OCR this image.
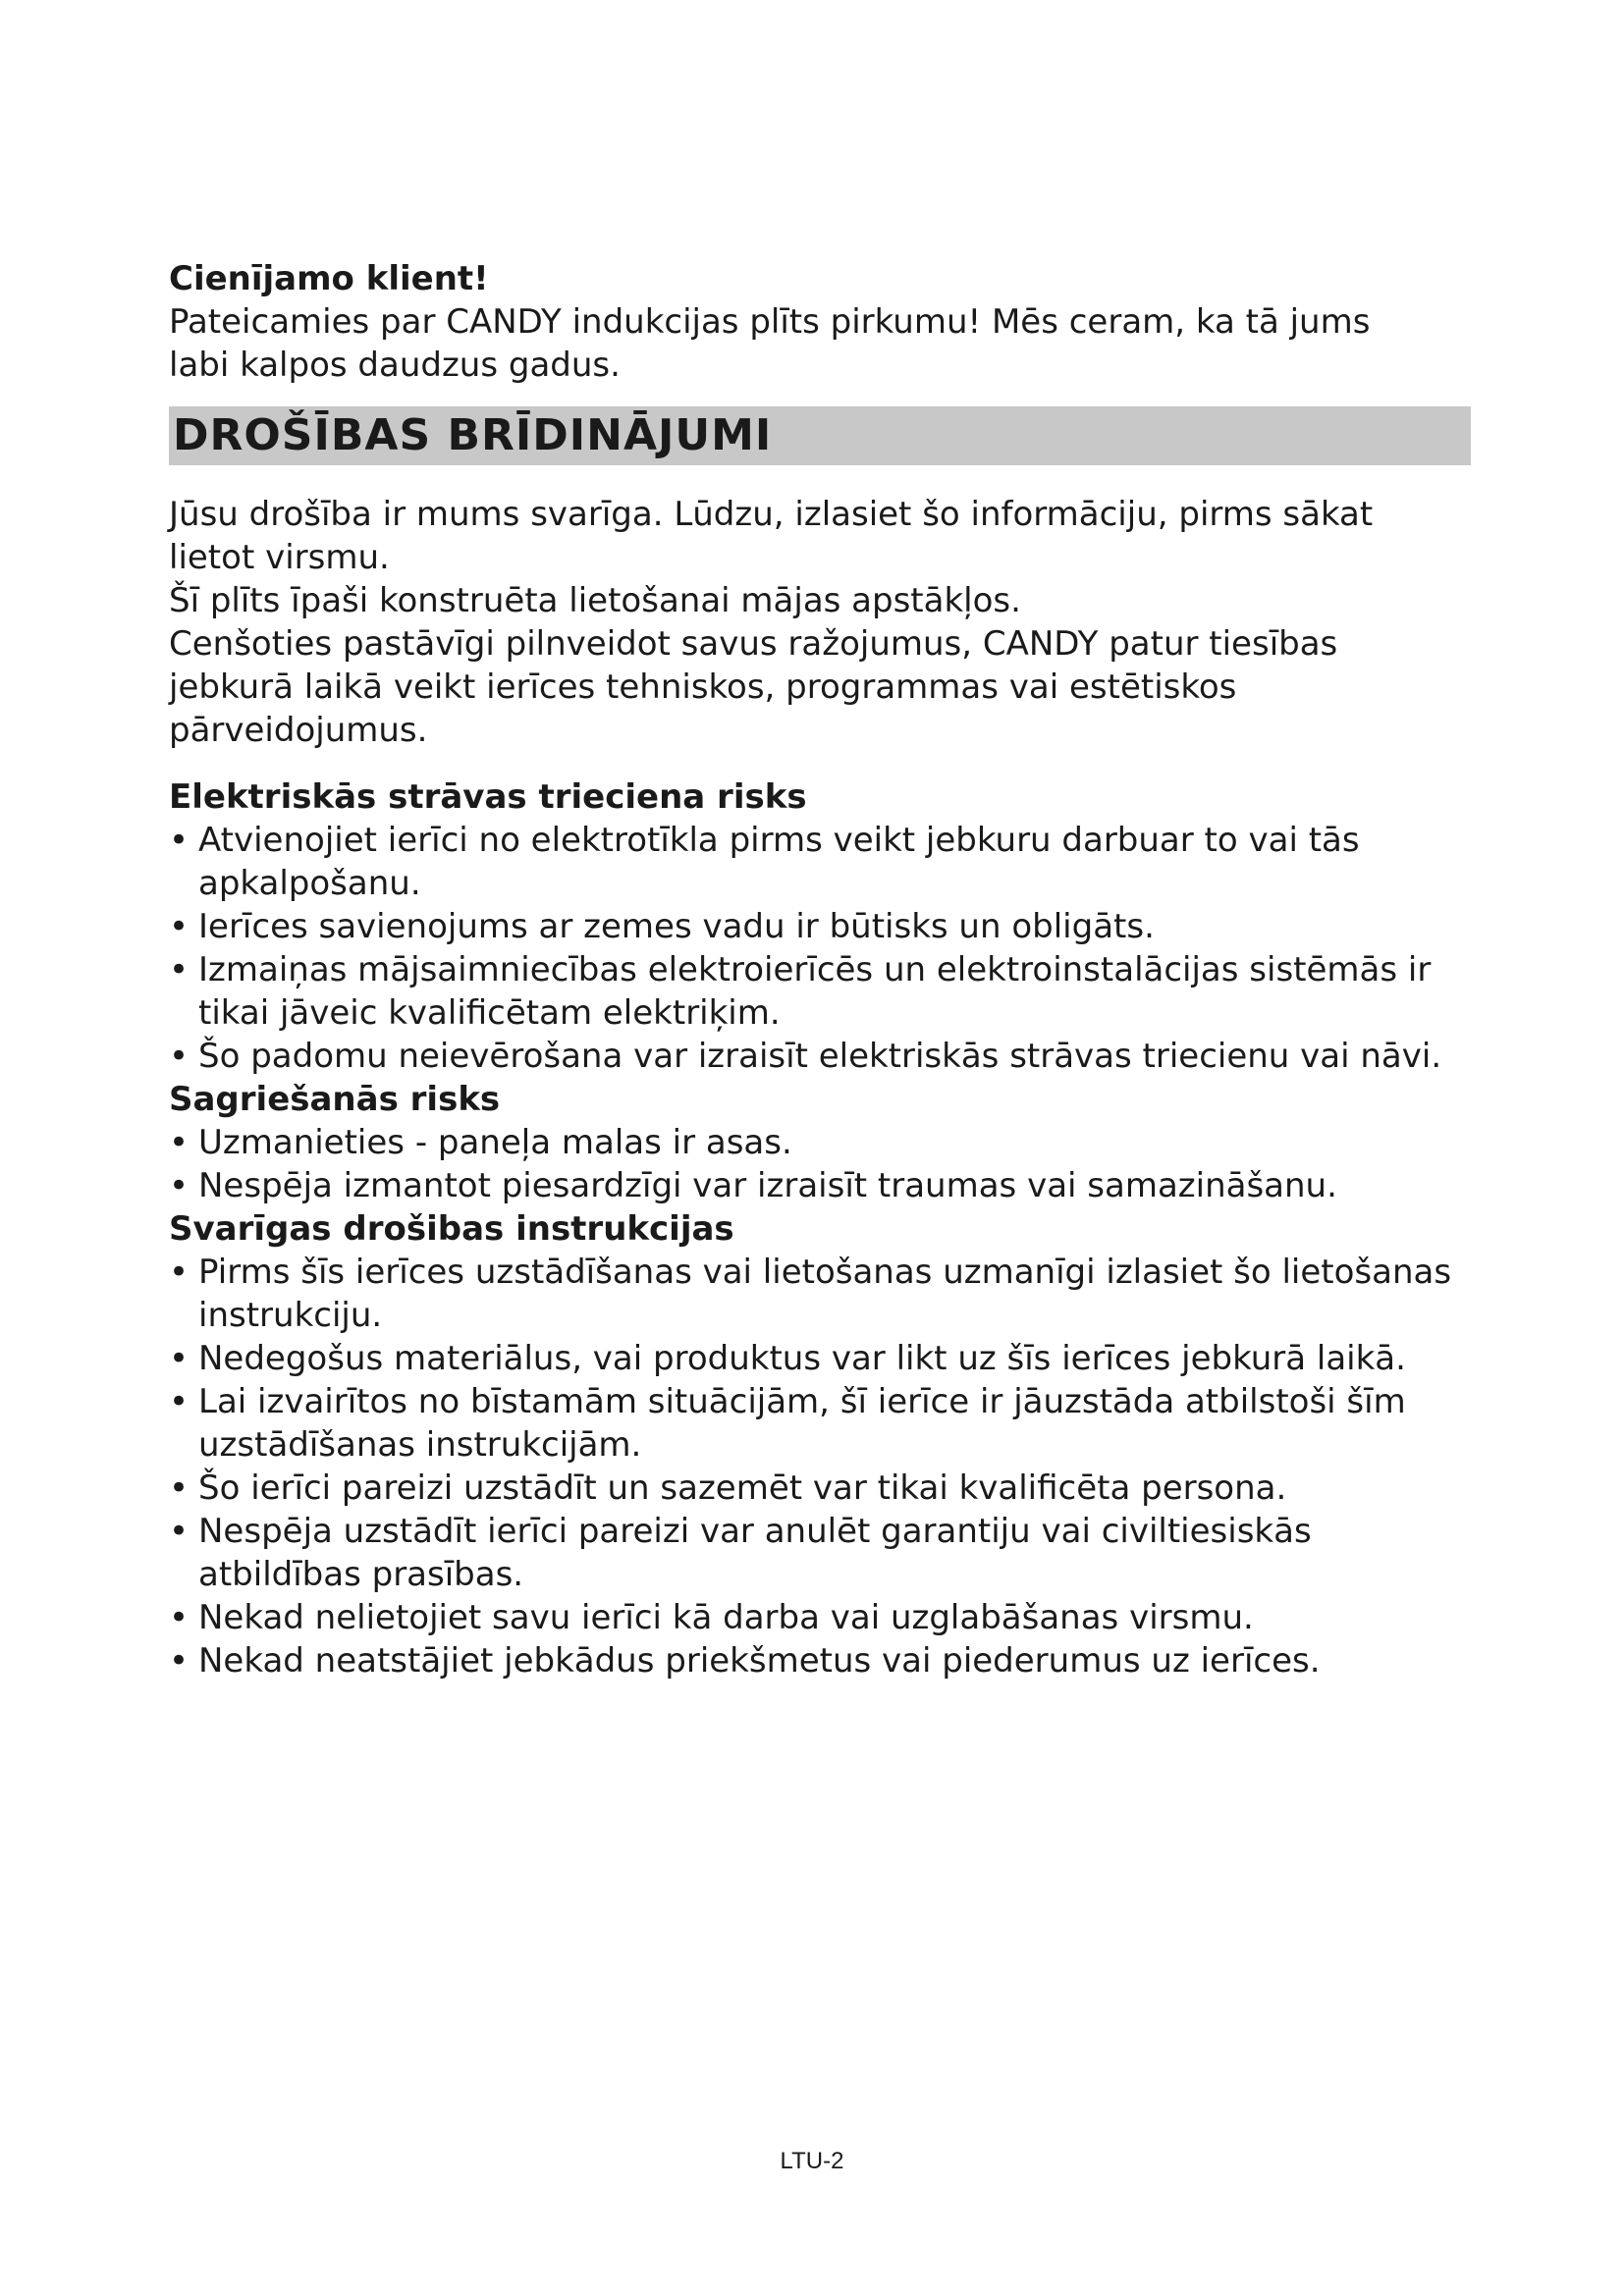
Cienījamo klient!

Pateicamies par CANDY indukcijas plīts pirkumu! Mēs ceram, ka tā jums labi kalpos daudzus gadus.

DROŠĪBAS BRĪDINĀJUMI

Jūsu drošība ir mums svarīga. Lūdzu, izlasiet šo informāciju, pirms sākat lietot virsmu.

Šī plīts īpaši konstruēta lietošanai mājas apstākļos.

Cenšoties pastāvīgi pilnveidot savus ražojumus, CANDY patur tiesības jebkurā laikā veikt ierīces tehniskos, programmas vai estētiskos pārveidojumus.

Elektriskās strāvas trieciena risks
• Atvienojiet ierīci no elektrotīkla pirms veikt jebkuru darbuar to vai tās apkalpošanu.
• Ierīces savienojums ar zemes vadu ir būtisks un obligāts.
• Izmaiņas mājsaimniecības elektroierīcēs un elektroinstalācijas sistēmās ir tikai jāveic kvalificētam elektriķim.
• Šo padomu neievērošana var izraisīt elektriskās strāvas triecienu vai nāvi.
Sagriešanās risks
• Uzmanieties - paneļa malas ir asas.
• Nespēja izmantot piesardzīgi var izraisīt traumas vai samazināšanu.
Svarīgas drošibas instrukcijas
• Pirms šīs ierīces uzstādīšanas vai lietošanas uzmanīgi izlasiet šo lietošanas instrukciju.
• Nedegošus materiālus, vai produktus var likt uz šīs ierīces jebkurā laikā.
• Lai izvairītos no bīstamām situācijām, šī ierīce ir jāuzstāda atbilstoši šīm uzstādīšanas instrukcijām.
• Šo ierīci pareizi uzstādīt un sazemēt var tikai kvalificēta persona.
• Nespēja uzstādīt ierīci pareizi var anulēt garantiju vai civiltiesiskās atbildības prasības.
• Nekad nelietojiet savu ierīci kā darba vai uzglabāšanas virsmu.
• Nekad neatstājiet jebkādus priekšmetus vai piederumus uz ierīces.
LTU-2
